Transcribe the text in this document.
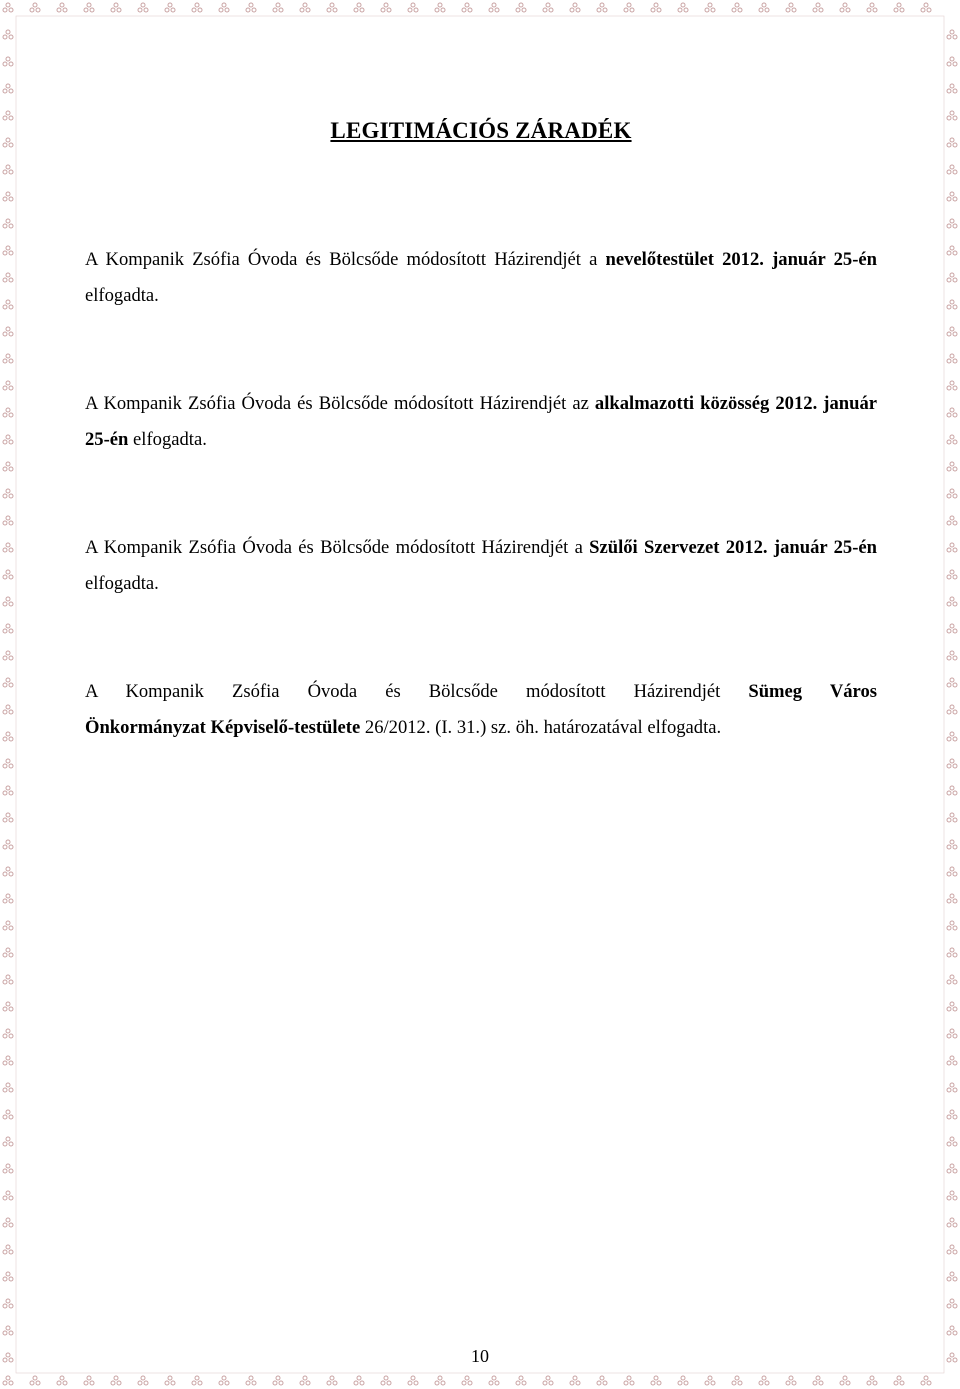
LEGITIMÁCIÓS ZÁRADÉK

A Kompanik Zsófia Óvoda és Bölcsőde módosított Házirendjét a nevelőtestület 2012. január 25-én elfogadta.

A Kompanik Zsófia Óvoda és Bölcsőde módosított Házirendjét az alkalmazotti közösség 2012. január 25-én elfogadta.

A Kompanik Zsófia Óvoda és Bölcsőde módosított Házirendjét a Szülői Szervezet 2012. január 25-én elfogadta.

A Kompanik Zsófia Óvoda és Bölcsőde módosított Házirendjét Sümeg Város
Önkormányzat Képviselő-testülete 26/2012. (I. 31.) sz. öh. határozatával elfogadta.

10
